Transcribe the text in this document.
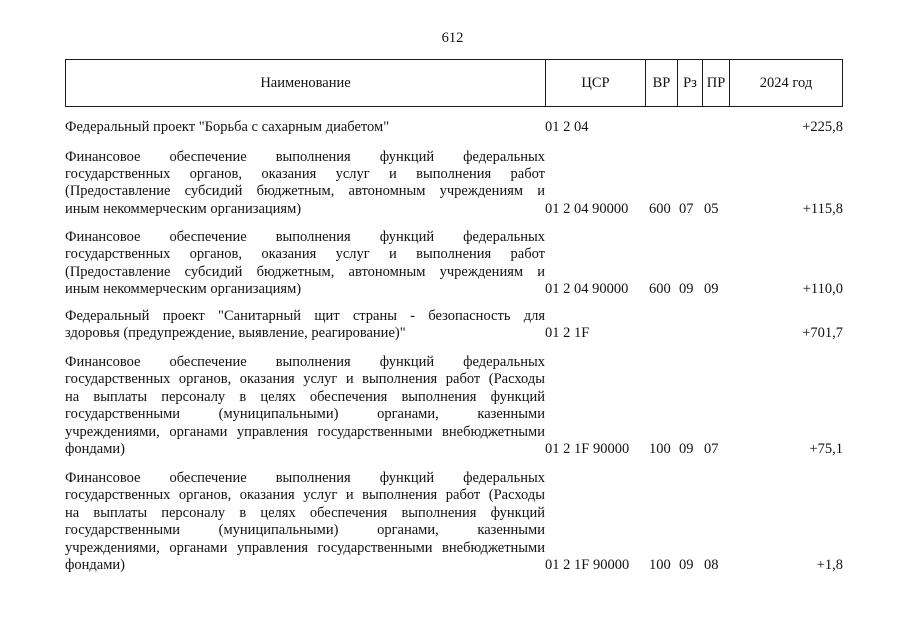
612
Наименование	ЦСР	ВР Рз ПР	2024 год
Федеральный проект "Борьба с сахарным диабетом"	01 2 04	+225,8
Финансовое обеспечение выполнения функций федеральных
государственных органов, оказания услуг и выполнения работ
(Предоставление субсидий бюджетным, автономным учреждениям и
иным некоммерческим организациям)	01 2 04 90000 600 07 05	+115,8
Финансовое обеспечение выполнения функций федеральных
государственных органов, оказания услуг и выполнения работ
(Предоставление субсидий бюджетным, автономным учреждениям и
иным некоммерческим организациям)	01 2 04 90000 600 09 09	+110,0
Федеральный проект "Санитарный щит страны - безопасность для
здоровья (предупреждение, выявление, реагирование)"	01 2 1F	+701,7
Финансовое обеспечение выполнения функций федеральных
государственных органов, оказания услуг и выполнения работ (Расходы
на выплаты персоналу в целях обеспечения выполнения функций
государственными (муниципальными) органами, казенными
учреждениями, органами управления государственными внебюджетными
фондами)	01 2 1F 90000 100 09 07	+75,1
Финансовое обеспечение выполнения функций федеральных
государственных органов, оказания услуг и выполнения работ (Расходы
на выплаты персоналу в целях обеспечения выполнения функций
государственными (муниципальными) органами, казенными
учреждениями, органами управления государственными внебюджетными
фондами)	01 2 1F 90000 100 09 08	+1,8
